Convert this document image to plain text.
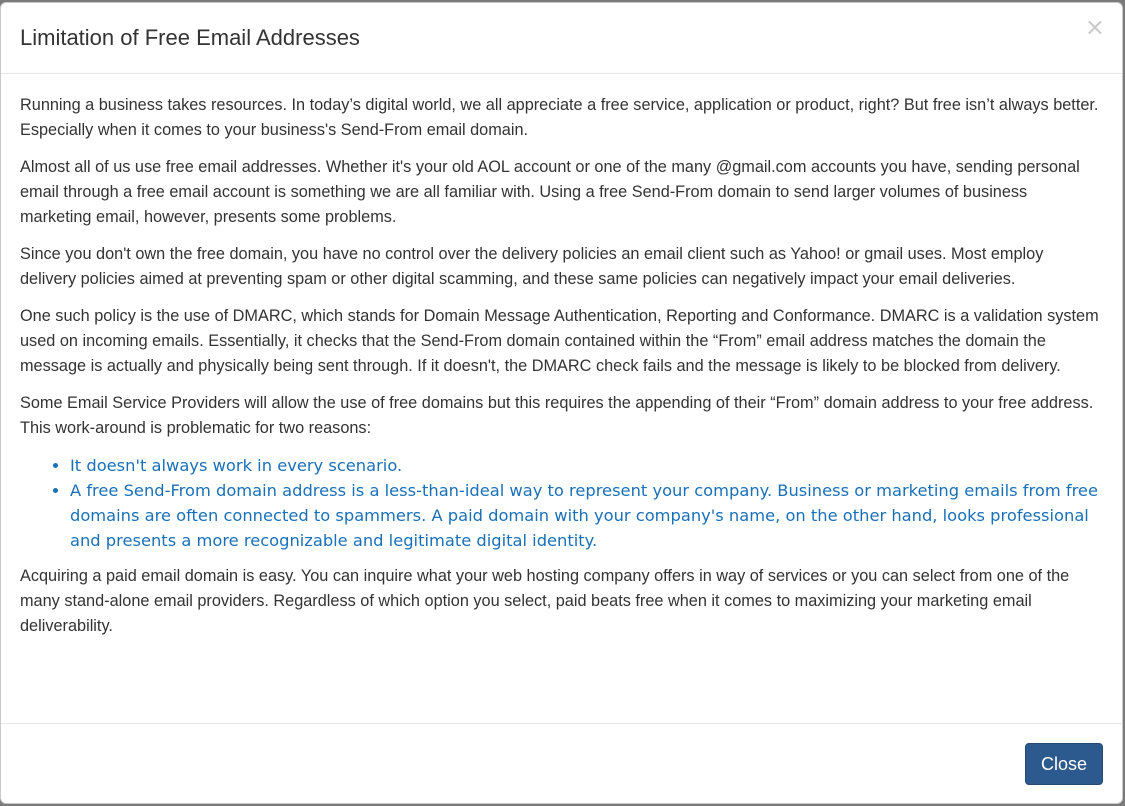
Limitation of Free Email Addresses	×

Running a business takes resources. In today’s digital world, we all appreciate a free service, application or product, right? But free isn’t always better. Especially when it comes to your business's Send-From email domain.

Almost all of us use free email addresses. Whether it's your old AOL account or one of the many @gmail.com accounts you have, sending personal email through a free email account is something we are all familiar with. Using a free Send-From domain to send larger volumes of business marketing email, however, presents some problems.

Since you don't own the free domain, you have no control over the delivery policies an email client such as Yahoo! or gmail uses. Most employ delivery policies aimed at preventing spam or other digital scamming, and these same policies can negatively impact your email deliveries.

One such policy is the use of DMARC, which stands for Domain Message Authentication, Reporting and Conformance. DMARC is a validation system used on incoming emails. Essentially, it checks that the Send-From domain contained within the “From” email address matches the domain the message is actually and physically being sent through. If it doesn't, the DMARC check fails and the message is likely to be blocked from delivery.

Some Email Service Providers will allow the use of free domains but this requires the appending of their “From” domain address to your free address. This work-around is problematic for two reasons:

• It doesn't always work in every scenario.
• A free Send-From domain address is a less-than-ideal way to represent your company. Business or marketing emails from free domains are often connected to spammers. A paid domain with your company's name, on the other hand, looks professional and presents a more recognizable and legitimate digital identity.

Acquiring a paid email domain is easy. You can inquire what your web hosting company offers in way of services or you can select from one of the many stand-alone email providers. Regardless of which option you select, paid beats free when it comes to maximizing your marketing email deliverability.

Close
